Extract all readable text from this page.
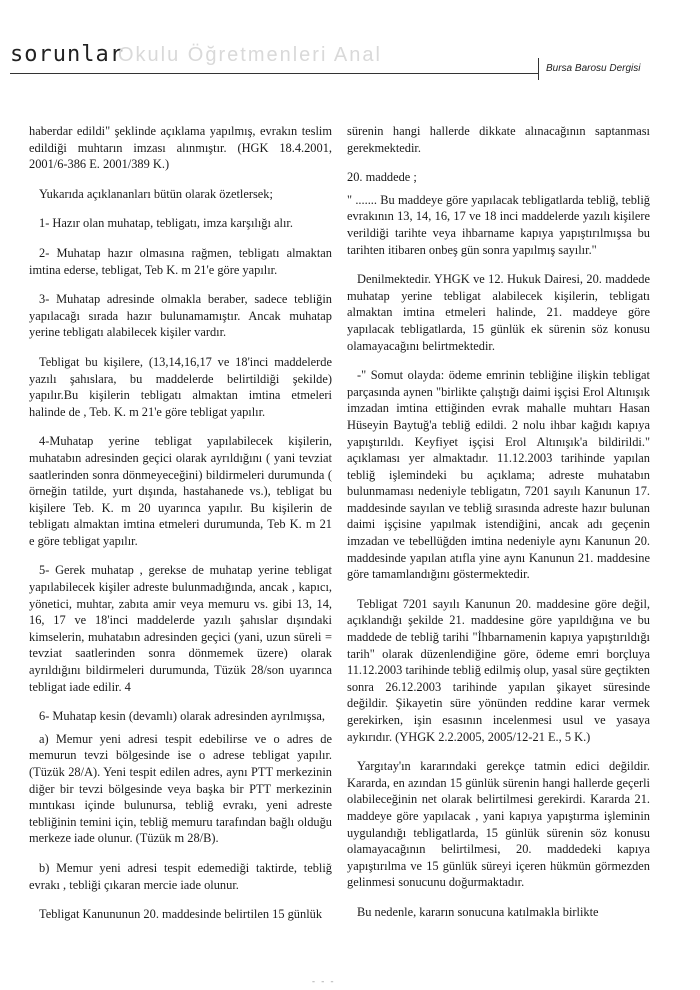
sorunlar
Okulu Öğretmenleri Anal
Bursa Barosu Dergisi

haberdar edildi" şeklinde açıklama yapılmış, evrakın teslim edildiği muhtarın imzası alınmıştır. (HGK 18.4.2001, 2001/6-386 E. 2001/389 K.)

Yukarıda açıklananları bütün olarak özetlersek;

1- Hazır olan muhatap, tebligatı, imza karşılığı alır.

2- Muhatap hazır olmasına rağmen, tebligatı almaktan imtina ederse, tebligat, Teb K. m 21'e göre yapılır.

3- Muhatap adresinde olmakla beraber, sadece tebliğin yapılacağı sırada hazır bulunamamıştır. Ancak muhatap yerine tebligatı alabilecek kişiler vardır.

Tebligat bu kişilere, (13,14,16,17 ve 18'inci maddelerde yazılı şahıslara, bu maddelerde belirtildiği şekilde) yapılır.Bu kişilerin tebligatı almaktan imtina etmeleri halinde de , Teb. K. m 21'e göre tebligat yapılır.

4-Muhatap yerine tebligat yapılabilecek kişilerin, muhatabın adresinden geçici olarak ayrıldığını ( yani tevziat saatlerinden sonra dönmeyeceğini) bildirmeleri durumunda ( örneğin tatilde, yurt dışında, hastahanede vs.), tebligat bu kişilere Teb. K. m 20 uyarınca yapılır. Bu kişilerin de tebligatı almaktan imtina etmeleri durumunda, Teb K. m 21 e göre tebligat yapılır.

5- Gerek muhatap , gerekse de muhatap yerine tebligat yapılabilecek kişiler adreste bulunmadığında, ancak , kapıcı, yönetici, muhtar, zabıta amir veya memuru vs. gibi 13, 14, 16, 17 ve 18'inci maddelerde yazılı şahıslar dışındaki kimselerin, muhatabın adresinden geçici (yani, uzun süreli = tevziat saatlerinden sonra dönmemek üzere) olarak ayrıldığını bildirmeleri durumunda, Tüzük 28/son uyarınca tebligat iade edilir. 4

6- Muhatap kesin (devamlı) olarak adresinden ayrılmışsa,

a) Memur yeni adresi tespit edebilirse ve o adres de memurun tevzi bölgesinde ise o adrese tebligat yapılır.(Tüzük 28/A). Yeni tespit edilen adres, aynı PTT merkezinin diğer bir tevzi bölgesinde veya başka bir PTT merkezinin mıntıkası içinde bulunursa, tebliğ evrakı, yeni adreste tebliğinin temini için, tebliğ memuru tarafından bağlı olduğu merkeze iade olunur. (Tüzük m 28/B).

b) Memur yeni adresi tespit edemediği taktirde, tebliğ evrakı , tebliği çıkaran mercie iade olunur.

Tebligat Kanununun 20. maddesinde belirtilen 15 günlük

sürenin hangi hallerde dikkate alınacağının saptanması gerekmektedir.

20. maddede ;

" ....... Bu maddeye göre yapılacak tebligatlarda tebliğ, tebliğ evrakının 13, 14, 16, 17 ve 18 inci maddelerde yazılı kişilere verildiği tarihte veya ihbarname kapıya yapıştırılmışsa bu tarihten itibaren onbeş gün sonra yapılmış sayılır."

Denilmektedir. YHGK ve 12. Hukuk Dairesi, 20. maddede muhatap yerine tebligat alabilecek kişilerin, tebligatı almaktan imtina etmeleri halinde, 21. maddeye göre yapılacak tebligatlarda, 15 günlük ek sürenin söz konusu olamayacağını belirtmektedir.

-" Somut olayda: ödeme emrinin tebliğine ilişkin tebligat parçasında aynen "birlikte çalıştığı daimi işçisi Erol Altınışık imzadan imtina ettiğinden evrak mahalle muhtarı Hasan Hüseyin Baytuğ'a tebliğ edildi. 2 nolu ihbar kağıdı kapıya yapıştırıldı. Keyfiyet işçisi Erol Altınışık'a bildirildi." açıklaması yer almaktadır. 11.12.2003 tarihinde yapılan tebliğ işlemindeki bu açıklama; adreste muhatabın bulunmaması nedeniyle tebligatın, 7201 sayılı Kanunun 17. maddesinde sayılan ve tebliğ sırasında adreste hazır bulunan daimi işçisine yapılmak istendiğini, ancak adı geçenin imzadan ve tebellüğden imtina nedeniyle aynı Kanunun 20. maddesinde yapılan atıfla yine aynı Kanunun 21. maddesine göre tamamlandığını göstermektedir.

Tebligat 7201 sayılı Kanunun 20. maddesine göre değil, açıklandığı şekilde 21. maddesine göre yapıldığına ve bu maddede de tebliğ tarihi "İhbarnamenin kapıya yapıştırıldığı tarih" olarak düzenlendiğine göre, ödeme emri borçluya 11.12.2003 tarihinde tebliğ edilmiş olup, yasal süre geçtikten sonra 26.12.2003 tarihinde yapılan şikayet süresinde değildir. Şikayetin süre yönünden reddine karar vermek gerekirken, işin esasının incelenmesi usul ve yasaya aykırıdır. (YHGK 2.2.2005, 2005/12-21 E., 5 K.)

Yargıtay'ın kararındaki gerekçe tatmin edici değildir. Kararda, en azından 15 günlük sürenin hangi hallerde geçerli olabileceğinin net olarak belirtilmesi gerekirdi. Kararda 21. maddeye göre yapılacak , yani kapıya yapıştırma işleminin uygulandığı tebligatlarda, 15 günlük sürenin söz konusu olamayacağının belirtilmesi, 20. maddedeki kapıya yapıştırılma ve 15 günlük süreyi içeren hükmün görmezden gelinmesi sonucunu doğurmaktadır.

Bu nedenle, kararın sonucuna katılmakla birlikte

- - -
